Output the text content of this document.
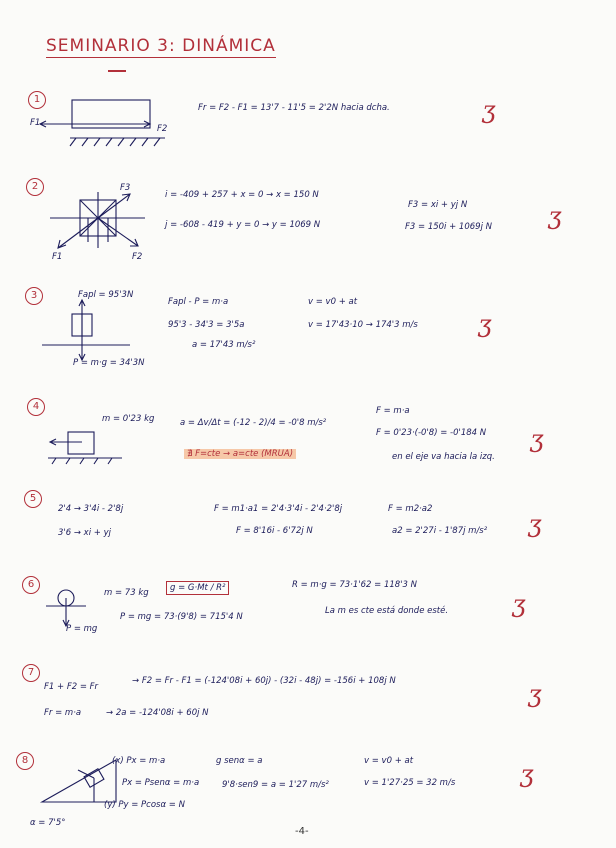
SEMINARIO 3: DINÁMICA
1
F1
F2
Fr = F2 - F1 = 13'7 - 11'5 = 2'2N hacia dcha.	ʒ
2	F3
F1	F2
i = -409 + 257 + x = 0 → x = 150 N
j = -608 - 419 + y = 0 → y = 1069 N
F3 = xi + yj N
F3 = 150i + 1069j N ʒ
3	Fapl = 95'3N
P = m·g = 34'3N
Fapl - P = m·a
95'3 - 34'3 = 3'5a
a = 17'43 m/s²
v = v0 + at
v = 17'43·10 → 174'3 m/s	ʒ
4
m = 0'23 kg	a = Δv/Δt = (-12 - 2)/4 = -0'8 m/s²
∄ F=cte → a=cte (MRUA)
F = m·a
F = 0'23·(-0'8) = -0'184 N
en el eje va hacia la izq.
ʒ
5
2'4 → 3'4i - 2'8j
3'6 → xi + yj
F = m1·a1 = 2'4·3'4i - 2'4·2'8j
F = 8'16i - 6'72j N
F = m2·a2
a2 = 2'27i - 1'87j m/s² ʒ
6
P = mg
m = 73 kg	g = G·Mt / R²
P = mg = 73·(9'8) = 715'4 N
R = m·g = 73·1'62 = 118'3 N
La m es cte está donde esté.	ʒ
7
F1 + F2 = Fr
→ F2 = Fr - F1 = (-124'08i + 60j) - (32i - 48j) = -156i + 108j N
Fr = m·a	→ 2a = -124'08i + 60j N
ʒ
8
α = 7'5°
(x) Px = m·a
Px = Psenα = m·a
(y) Py = Pcosα = N
g senα = a
9'8·sen9 = a = 1'27 m/s²
v = v0 + at
v = 1'27·25 = 32 m/s	ʒ
-4-
